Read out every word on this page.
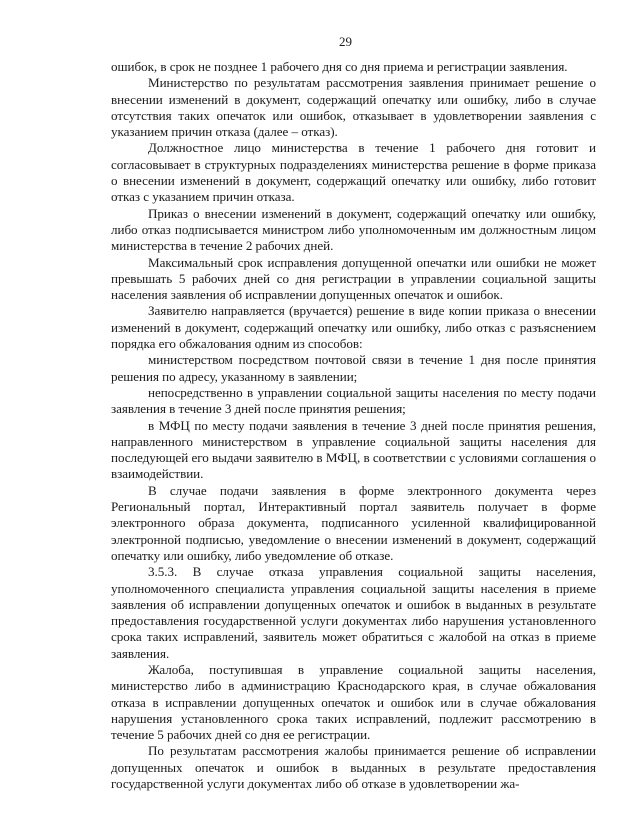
29

ошибок, в срок не позднее 1 рабочего дня со дня приема и регистрации заявления.

Министерство по результатам рассмотрения заявления принимает решение о внесении изменений в документ, содержащий опечатку или ошибку, либо в случае отсутствия таких опечаток или ошибок, отказывает в удовлетворении заявления с указанием причин отказа (далее – отказ).

Должностное лицо министерства в течение 1 рабочего дня готовит и согласовывает в структурных подразделениях министерства решение в форме приказа о внесении изменений в документ, содержащий опечатку или ошибку, либо готовит отказ с указанием причин отказа.

Приказ о внесении изменений в документ, содержащий опечатку или ошибку, либо отказ подписывается министром либо уполномоченным им должностным лицом министерства в течение 2 рабочих дней.

Максимальный срок исправления допущенной опечатки или ошибки не может превышать 5 рабочих дней со дня регистрации в управлении социальной защиты населения заявления об исправлении допущенных опечаток и ошибок.

Заявителю направляется (вручается) решение в виде копии приказа о внесении изменений в документ, содержащий опечатку или ошибку, либо отказ с разъяснением порядка его обжалования одним из способов:

министерством посредством почтовой связи в течение 1 дня после принятия решения по адресу, указанному в заявлении;

непосредственно в управлении социальной защиты населения по месту подачи заявления в течение 3 дней после принятия решения;

в МФЦ по месту подачи заявления в течение 3 дней после принятия решения, направленного министерством в управление социальной защиты населения для последующей его выдачи заявителю в МФЦ, в соответствии с условиями соглашения о взаимодействии.

В случае подачи заявления в форме электронного документа через Региональный портал, Интерактивный портал заявитель получает в форме электронного образа документа, подписанного усиленной квалифицированной электронной подписью, уведомление о внесении изменений в документ, содержащий опечатку или ошибку, либо уведомление об отказе.

3.5.3. В случае отказа управления социальной защиты населения, уполномоченного специалиста управления социальной защиты населения в приеме заявления об исправлении допущенных опечаток и ошибок в выданных в результате предоставления государственной услуги документах либо нарушения установленного срока таких исправлений, заявитель может обратиться с жалобой на отказ в приеме заявления.

Жалоба, поступившая в управление социальной защиты населения, министерство либо в администрацию Краснодарского края, в случае обжалования отказа в исправлении допущенных опечаток и ошибок или в случае обжалования нарушения установленного срока таких исправлений, подлежит рассмотрению в течение 5 рабочих дней со дня ее регистрации.

По результатам рассмотрения жалобы принимается решение об исправлении допущенных опечаток и ошибок в выданных в результате предоставления государственной услуги документах либо об отказе в удовлетворении жа-
